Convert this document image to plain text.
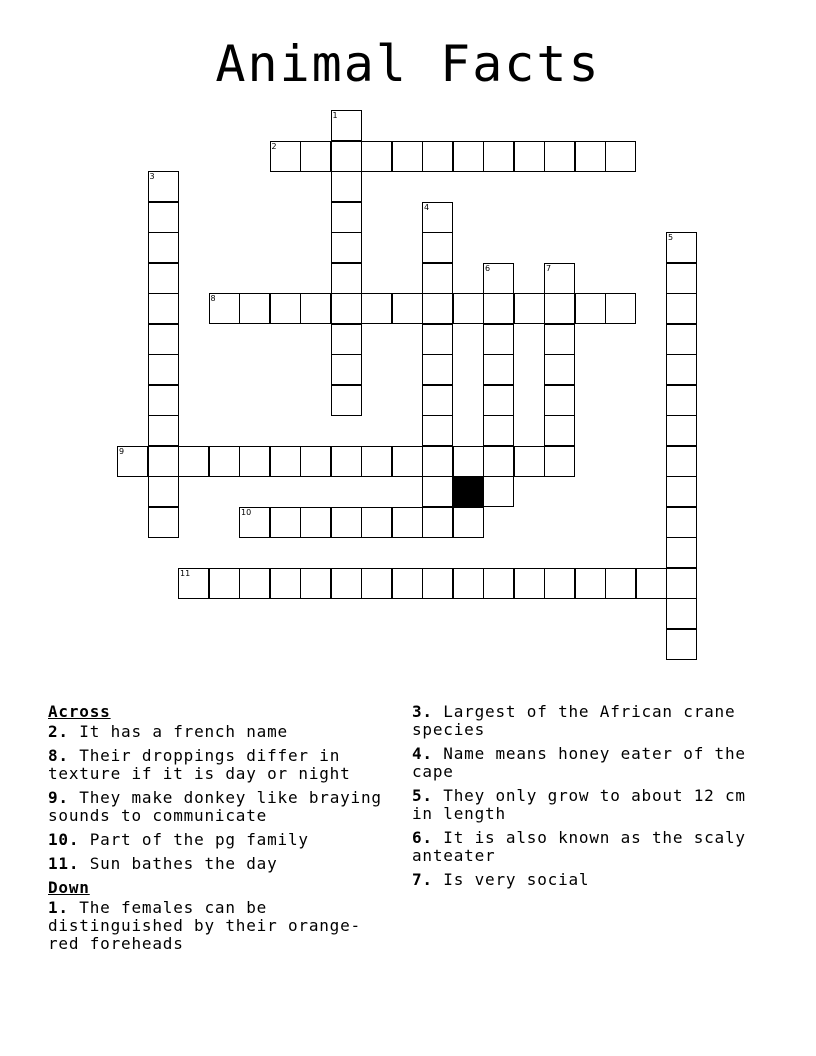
Animal Facts
1
2
3
4
5
6	7
8
9
10
11
Across
2. It has a french name
8. Their droppings differ in texture if it is day or night
9. They make donkey like braying sounds to communicate
10. Part of the pg family
11. Sun bathes the day
Down
1. The females can be distinguished by their orange-red foreheads
3. Largest of the African crane species
4. Name means honey eater of the cape
5. They only grow to about 12 cm in length
6. It is also known as the scaly anteater
7. Is very social
